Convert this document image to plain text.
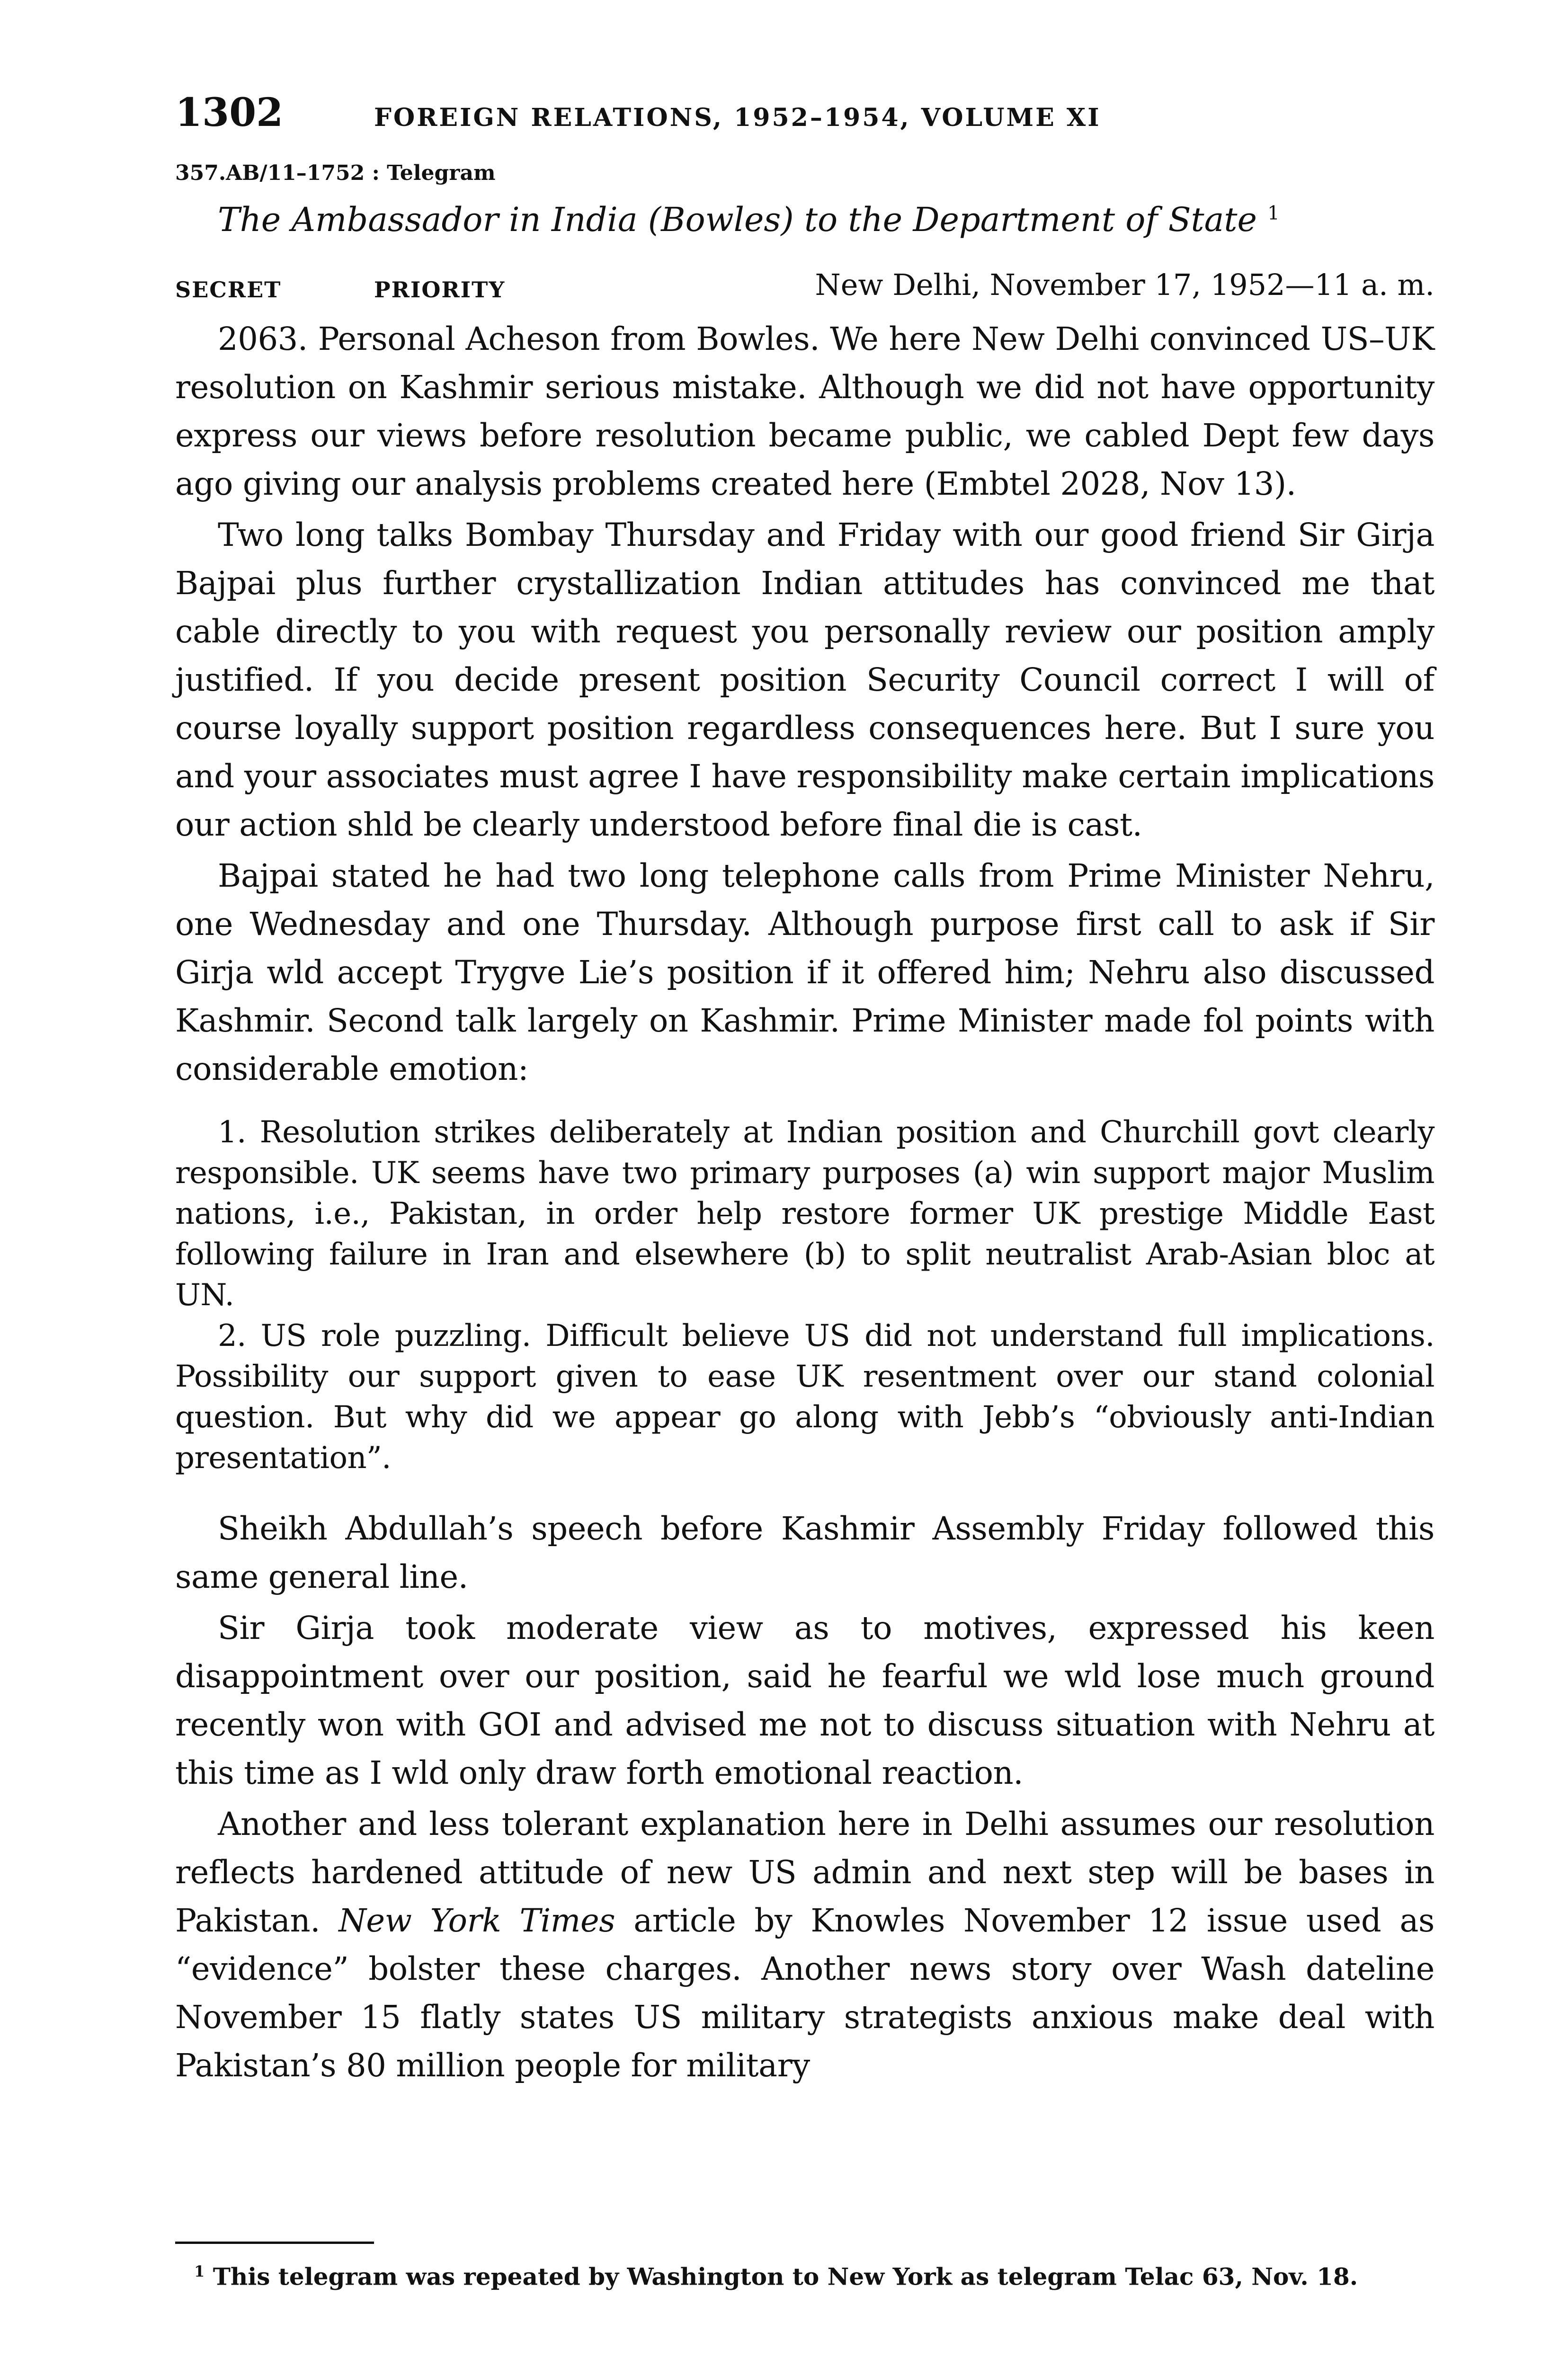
1302	FOREIGN RELATIONS, 1952–1954, VOLUME XI
357.AB/11–1752 : Telegram
The Ambassador in India (Bowles) to the Department of State $^1$
SECRET	PRIORITY	New Delhi, November 17, 1952—11 a. m.

2063. Personal Acheson from Bowles. We here New Delhi convinced US–UK resolution on Kashmir serious mistake. Although we did not have opportunity express our views before resolution became public, we cabled Dept few days ago giving our analysis problems created here (Embtel 2028, Nov 13).

Two long talks Bombay Thursday and Friday with our good friend Sir Girja Bajpai plus further crystallization Indian attitudes has convinced me that cable directly to you with request you personally review our position amply justified. If you decide present position Security Council correct I will of course loyally support position regardless consequences here. But I sure you and your associates must agree I have responsibility make certain implications our action shld be clearly understood before final die is cast.

Bajpai stated he had two long telephone calls from Prime Minister Nehru, one Wednesday and one Thursday. Although purpose first call to ask if Sir Girja wld accept Trygve Lie’s position if it offered him; Nehru also discussed Kashmir. Second talk largely on Kashmir. Prime Minister made fol points with considerable emotion:

1. Resolution strikes deliberately at Indian position and Churchill govt clearly responsible. UK seems have two primary purposes (a) win support major Muslim nations, i.e., Pakistan, in order help restore former UK prestige Middle East following failure in Iran and elsewhere (b) to split neutralist Arab-Asian bloc at UN.

2. US role puzzling. Difficult believe US did not understand full implications. Possibility our support given to ease UK resentment over our stand colonial question. But why did we appear go along with Jebb’s “obviously anti-Indian presentation”.

Sheikh Abdullah’s speech before Kashmir Assembly Friday followed this same general line.

Sir Girja took moderate view as to motives, expressed his keen disappointment over our position, said he fearful we wld lose much ground recently won with GOI and advised me not to discuss situation with Nehru at this time as I wld only draw forth emotional reaction.

Another and less tolerant explanation here in Delhi assumes our resolution reflects hardened attitude of new US admin and next step will be bases in Pakistan. New York Times article by Knowles November 12 issue used as “evidence” bolster these charges. Another news story over Wash dateline November 15 flatly states US military strategists anxious make deal with Pakistan’s 80 million people for military

$^1$ This telegram was repeated by Washington to New York as telegram Telac 63, Nov. 18.
